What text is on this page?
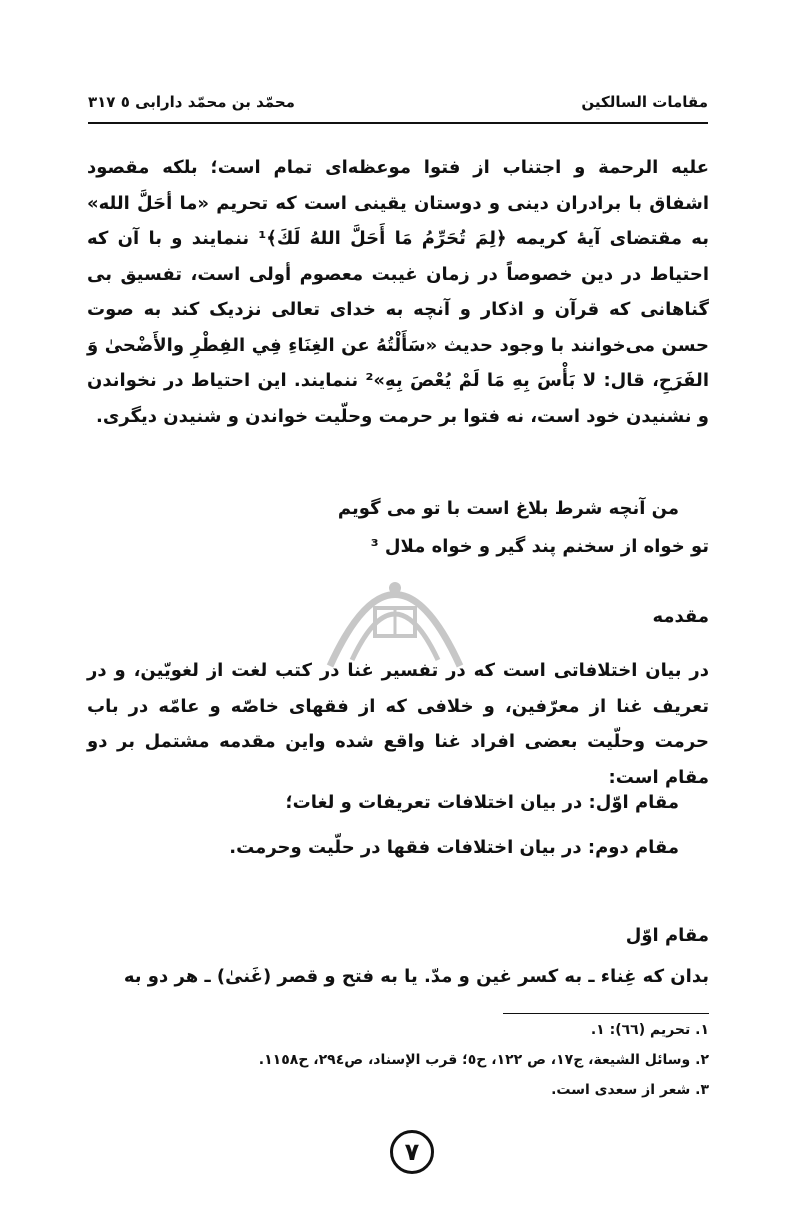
مقامات السالکین
محمّد بن محمّد دارابی ٥ ٣١٧

علیه الرحمة و اجتناب از فتوا موعظه‌ای تمام است؛ بلکه مقصود اشفاق با برادران دینی و دوستان یقینی است که تحریم «ما أحَلَّ الله» به مقتضای آیهٔ کریمه ﴿لِمَ تُحَرِّمُ مَا أَحَلَّ اللهُ لَكَ﴾¹ ننمایند و با آن که احتیاط در دین خصوصاً در زمان غیبت معصوم أولی است، تفسیق بی گناهانی که قرآن و اذکار و آنچه به خدای تعالی نزدیک کند به صوت حسن می‌خوانند با وجود حدیث «سَأَلْتُهُ عن الغِنَاءِ فِي الفِطْرِ والأَضْحىٰ وَ الفَرَحِ، قال: لا بَأْسَ بِهِ مَا لَمْ يُعْصَ بِهِ»² ننمایند. این احتیاط در نخواندن و نشنیدن خود است، نه فتوا بر حرمت وحلّیت خواندن و شنیدن دیگری.

من آنچه شرط بلاغ است با تو می گویم
تو خواه از سخنم پند گیر و خواه ملال ³
مقدمه

در بیان اختلافاتی است که در تفسیر غنا در کتب لغت از لغویّین، و در تعریف غنا از معرّفین، و خلافی که از فقهای خاصّه و عامّه در باب حرمت وحلّیت بعضی افراد غنا واقع شده واین مقدمه مشتمل بر دو مقام است:

مقام اوّل: در بیان اختلافات تعریفات و لغات؛
مقام دوم: در بیان اختلافات فقها در حلّیت وحرمت.
مقام اوّل
بدان که غِناء ـ به کسر غین و مدّ. یا به فتح و قصر (غَنیٰ) ـ هر دو به
١. تحریم (٦٦): ١.
٢. وسائل الشیعة، ج١٧، ص ١٢٢، ح٥؛ قرب الإسناد، ص٢٩٤، ح١١٥٨.
٣. شعر از سعدی است.
٧
